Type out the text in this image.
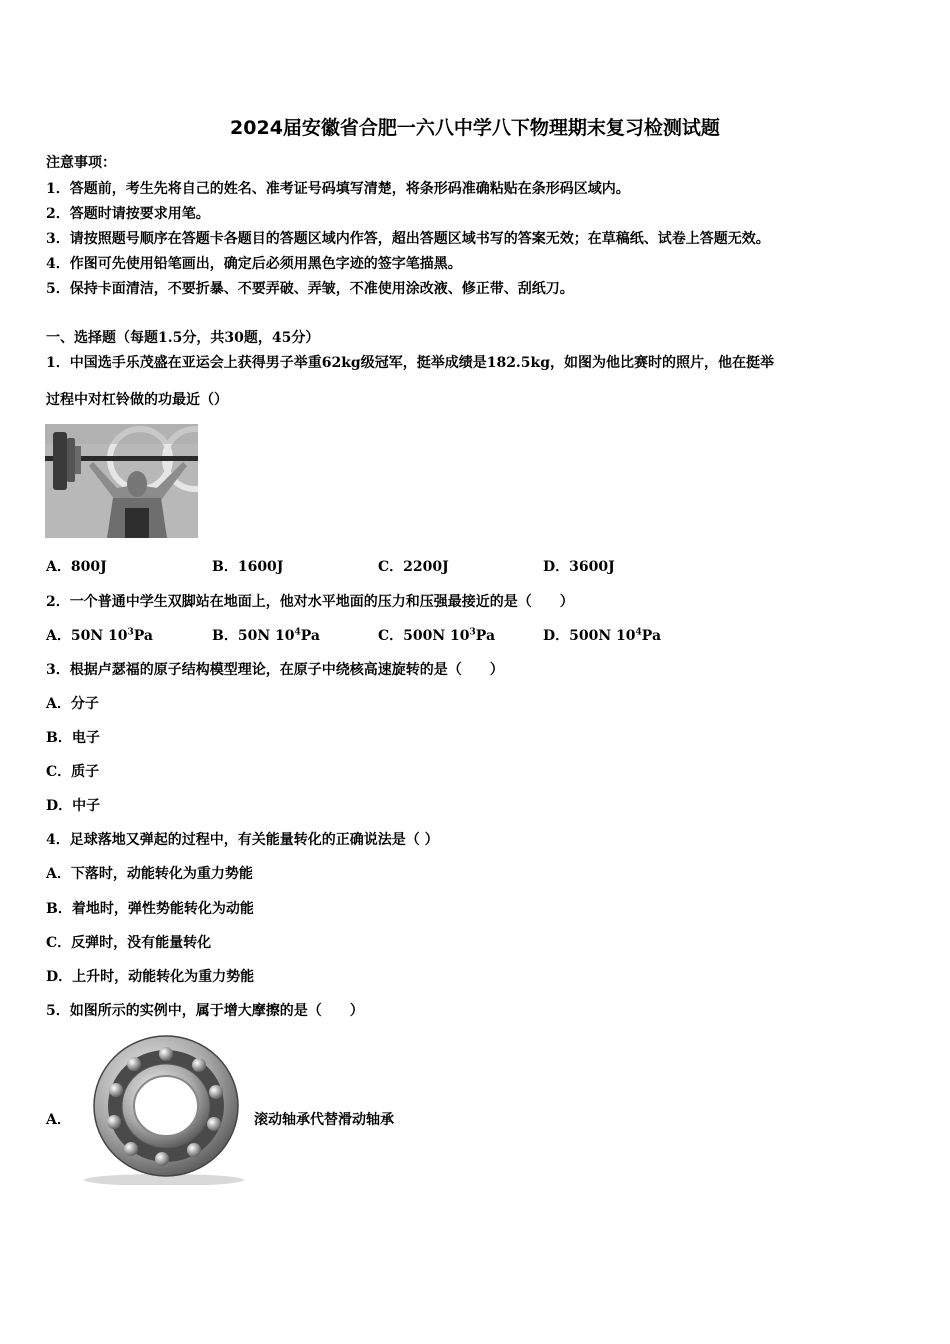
2024届安徽省合肥一六八中学八下物理期末复习检测试题
注意事项：
1．答题前，考生先将自己的姓名、准考证号码填写清楚，将条形码准确粘贴在条形码区域内。
2．答题时请按要求用笔。
3．请按照题号顺序在答题卡各题目的答题区域内作答，超出答题区域书写的答案无效；在草稿纸、试卷上答题无效。
4．作图可先使用铅笔画出，确定后必须用黑色字迹的签字笔描黑。
5．保持卡面清洁，不要折暴、不要弄破、弄皱，不准使用涂改液、修正带、刮纸刀。
一、选择题（每题1.5分，共30题，45分）
1．中国选手乐茂盛在亚运会上获得男子举重62kg级冠军，挺举成绩是182.5kg，如图为他比赛时的照片，他在挺举
过程中对杠铃做的功最近（）
A．800J	B．1600J	C．2200J	D．3600J
2．一个普通中学生双脚站在地面上，他对水平地面的压力和压强最接近的是（　　）
A．50N $10^3Pa$	B．50N $10^4Pa$	C．500N $10^3Pa$	D．500N $10^4Pa$
3．根据卢瑟福的原子结构模型理论，在原子中绕核高速旋转的是（　　）
A．分子
B．电子
C．质子
D．中子
4．足球落地又弹起的过程中，有关能量转化的正确说法是（ ）
A．下落时，动能转化为重力势能
B．着地时，弹性势能转化为动能
C．反弹时，没有能量转化
D．上升时，动能转化为重力势能
5．如图所示的实例中，属于增大摩擦的是（　　）
A．	滚动轴承代替滑动轴承
